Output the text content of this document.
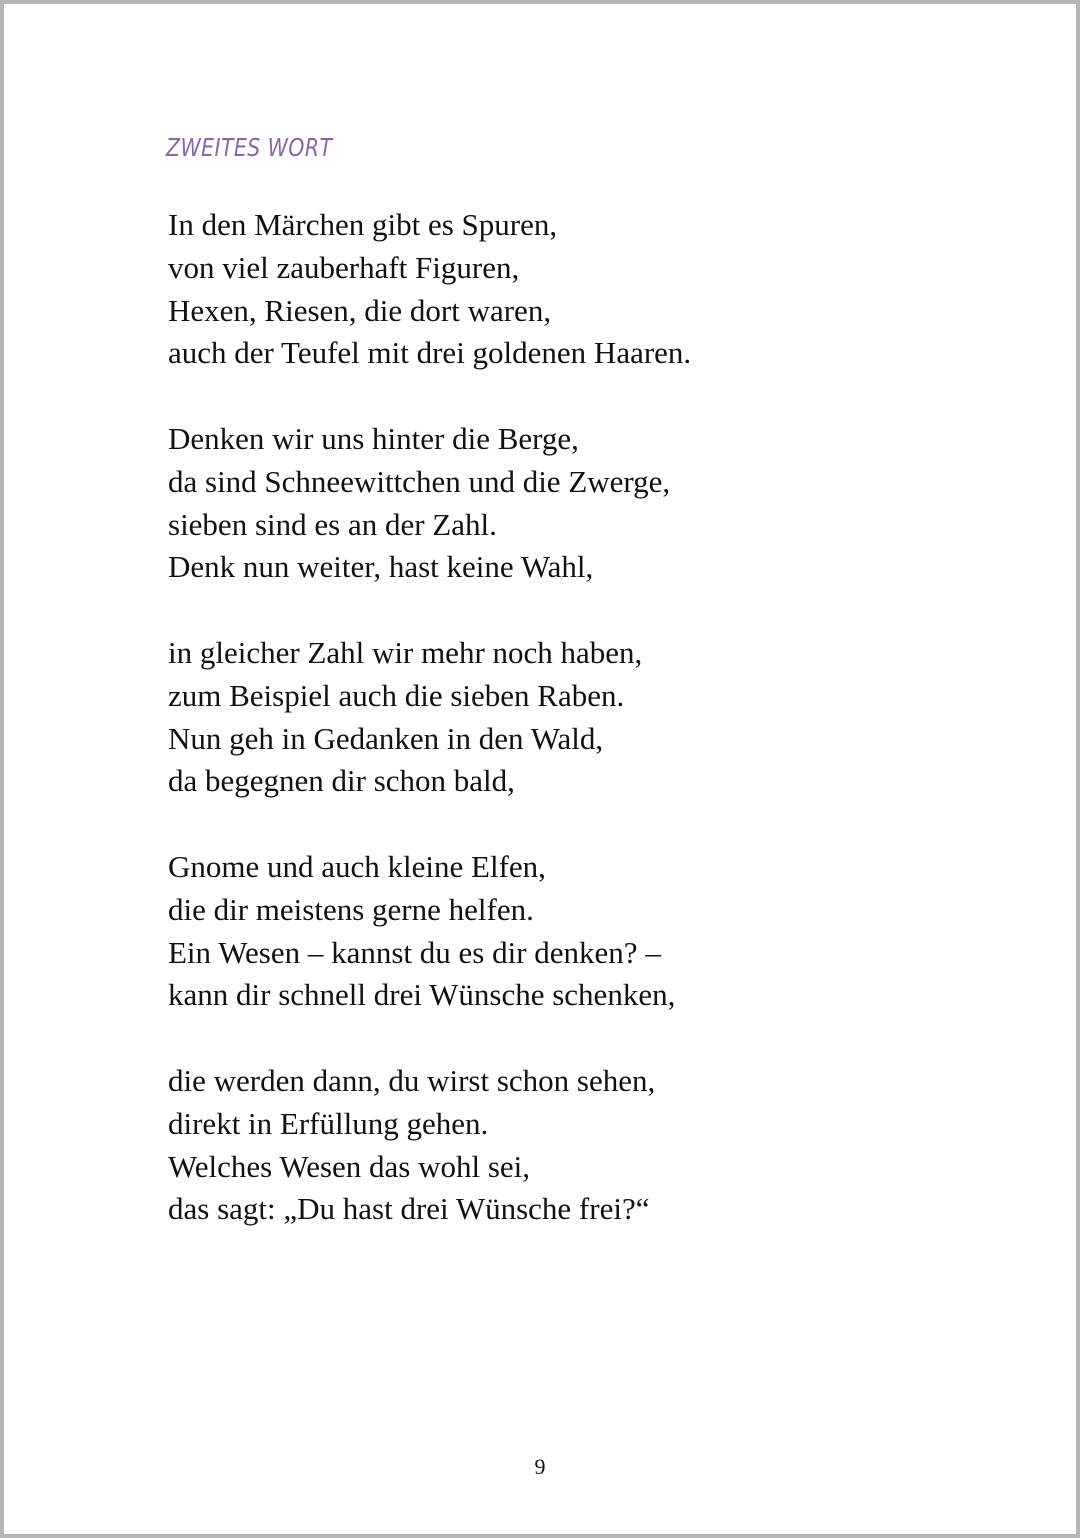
ZWEITES WORT
In den Märchen gibt es Spuren,
von viel zauberhaft Figuren,
Hexen, Riesen, die dort waren,
auch der Teufel mit drei goldenen Haaren.
Denken wir uns hinter die Berge,
da sind Schneewittchen und die Zwerge,
sieben sind es an der Zahl.
Denk nun weiter, hast keine Wahl,
in gleicher Zahl wir mehr noch haben,
zum Beispiel auch die sieben Raben.
Nun geh in Gedanken in den Wald,
da begegnen dir schon bald,
Gnome und auch kleine Elfen,
die dir meistens gerne helfen.
Ein Wesen – kannst du es dir denken? –
kann dir schnell drei Wünsche schenken,
die werden dann, du wirst schon sehen,
direkt in Erfüllung gehen.
Welches Wesen das wohl sei,
das sagt: „Du hast drei Wünsche frei?“
9
